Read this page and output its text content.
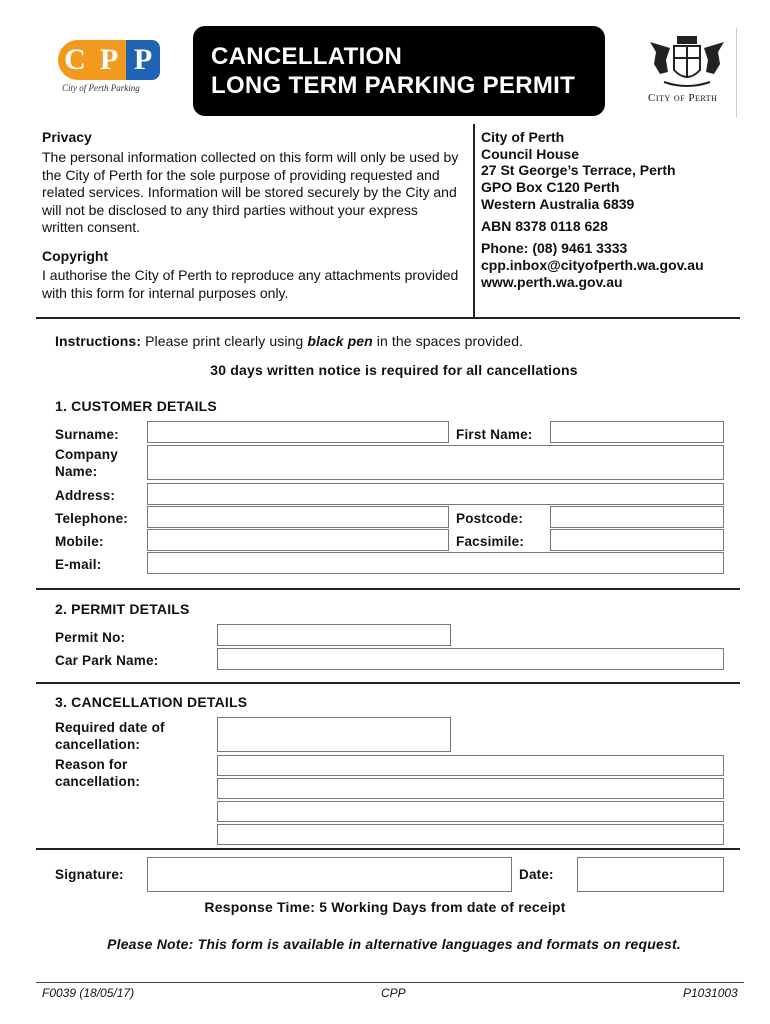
C P P
City of Perth Parking
CANCELLATION
LONG TERM PARKING PERMIT	City of Perth
Privacy
The personal information collected on this form will only be used by the City of Perth for the sole purpose of providing requested and related services. Information will be stored securely by the City and will not be disclosed to any third parties without your express written consent.
Copyright
I authorise the City of Perth to reproduce any attachments provided with this form for internal purposes only.
City of Perth
Council House
27 St George’s Terrace, Perth
GPO Box C120 Perth
Western Australia 6839
ABN 8378 0118 628
Phone: (08) 9461 3333
cpp.inbox@cityofperth.wa.gov.au
www.perth.wa.gov.au
Instructions: Please print clearly using black pen in the spaces provided.
30 days written notice is required for all cancellations
1. CUSTOMER DETAILS
Surname:	First Name:
Company
Name:
Address:
Telephone:	Postcode:
Mobile:	Facsimile:
E-mail:
2. PERMIT DETAILS
Permit No:
Car Park Name:
3. CANCELLATION DETAILS
Required date of
cancellation:
Reason for
cancellation:
Signature:	Date:
Response Time: 5 Working Days from date of receipt
Please Note: This form is available in alternative languages and formats on request.
F0039 (18/05/17)	CPP	P1031003
